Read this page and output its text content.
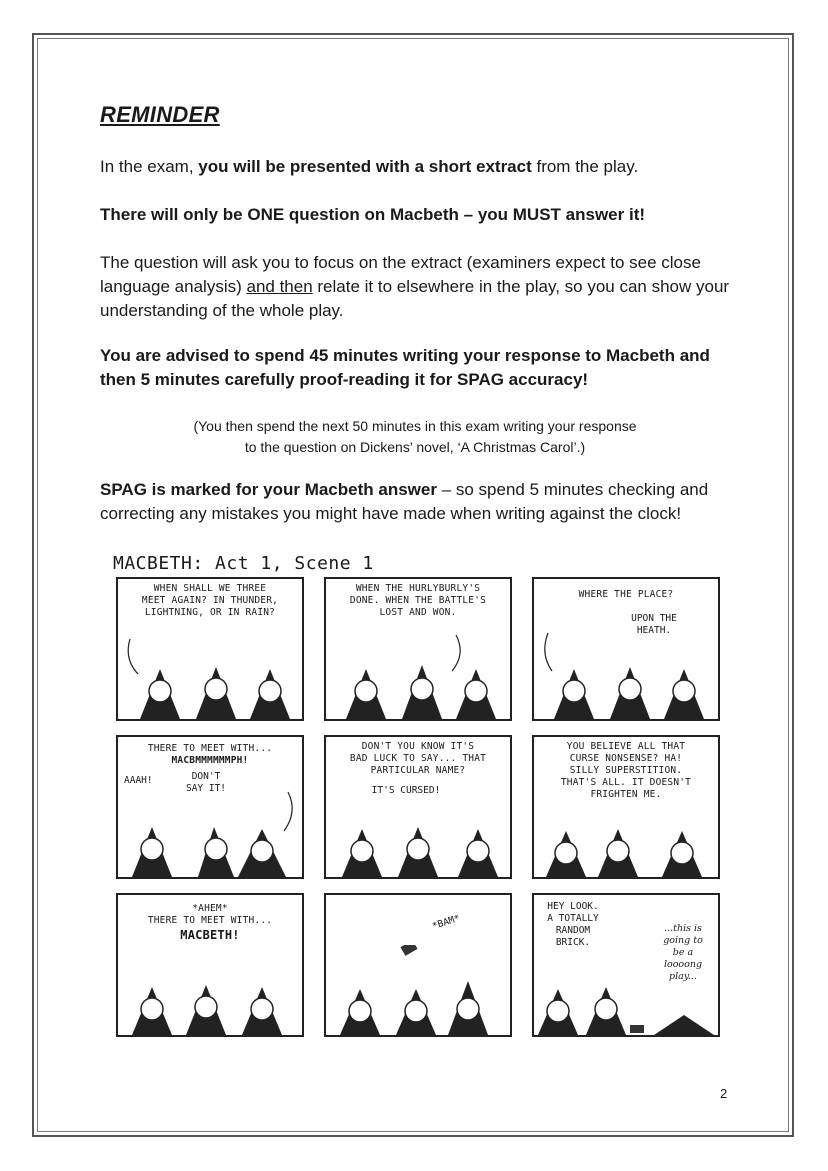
REMINDER

In the exam, you will be presented with a short extract from the play.

There will only be ONE question on Macbeth – you MUST answer it!

The question will ask you to focus on the extract (examiners expect to see close language analysis) and then relate it to elsewhere in the play, so you can show your understanding of the whole play.

You are advised to spend 45 minutes writing your response to Macbeth and then 5 minutes carefully proof-reading it for SPAG accuracy!

(You then spend the next 50 minutes in this exam writing your response
to the question on Dickens’ novel, ‘A Christmas Carol’.)

SPAG is marked for your Macbeth answer – so spend 5 minutes checking and correcting any mistakes you might have made when writing against the clock!

MACBETH: Act 1, Scene 1
WHEN SHALL WE THREE
MEET AGAIN? IN THUNDER,
LIGHTNING, OR IN RAIN?
WHEN THE HURLYBURLY'S
DONE. WHEN THE BATTLE'S
LOST AND WON.
WHERE THE PLACE?
UPON THE
HEATH.
THERE TO MEET WITH...
MACBMMMMMMPH!
AAAH!	DON'T
SAY IT!
DON'T YOU KNOW IT'S
BAD LUCK TO SAY... THAT
PARTICULAR NAME?
IT'S CURSED!
YOU BELIEVE ALL THAT
CURSE NONSENSE? HA!
SILLY SUPERSTITION.
THAT'S ALL. IT DOESN'T
FRIGHTEN ME.
*AHEM*
THERE TO MEET WITH...
MACBETH!
*BAM*
HEY LOOK.
A TOTALLY
RANDOM
BRICK.
...this is
going to
be a
loooong
play...
2
